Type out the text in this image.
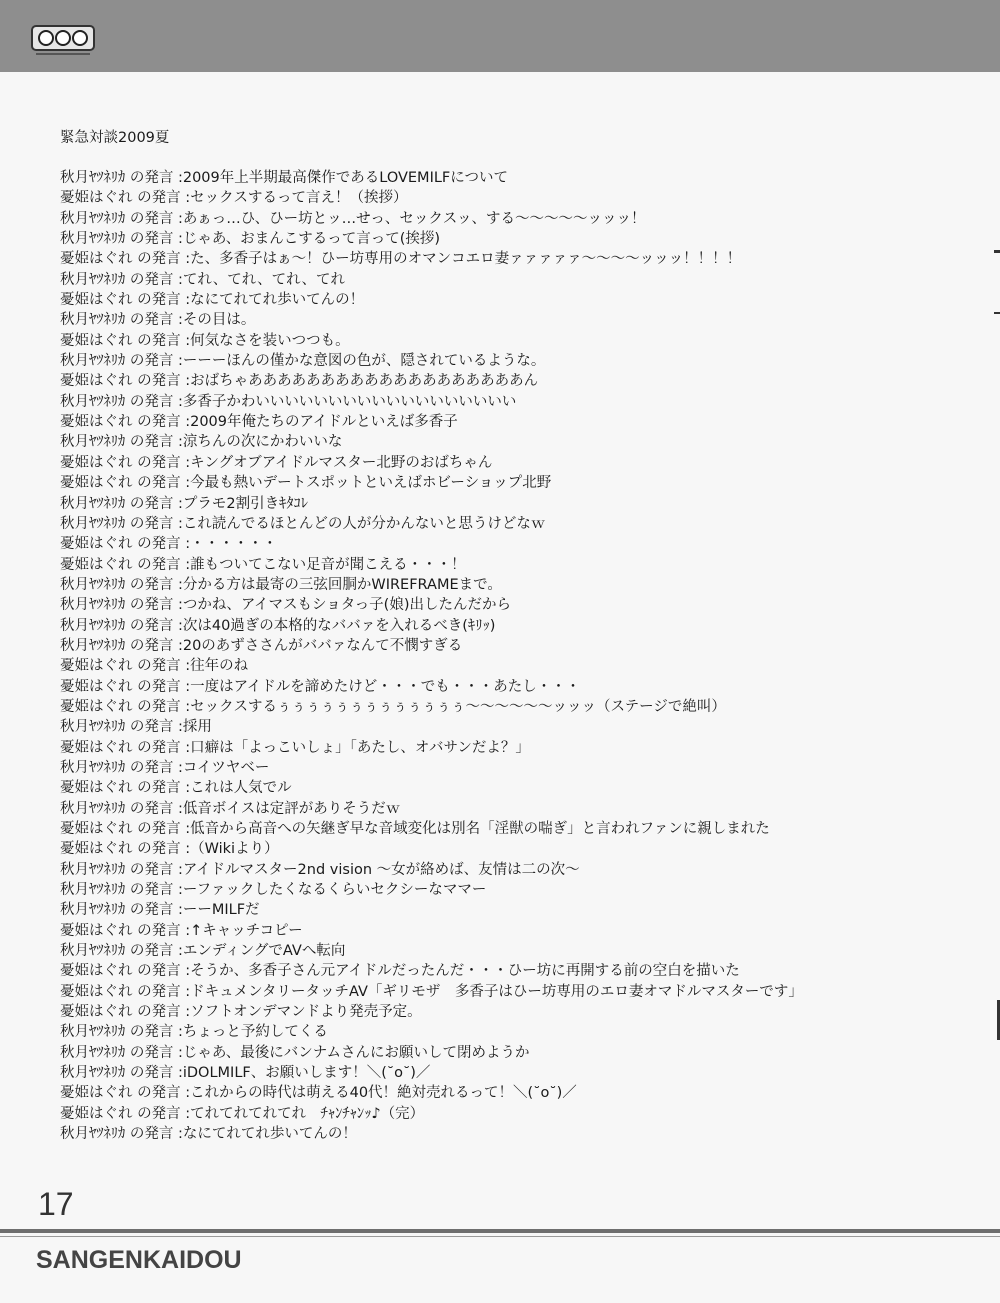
緊急対談2009夏
秋月ﾔﾂﾈﾘｶ の発言 :2009年上半期最高傑作であるLOVEMILFについて
憂姫はぐれ の発言 :セックスするって言え！（挨拶）
秋月ﾔﾂﾈﾘｶ の発言 :あぁっ…ひ、ひー坊とッ…せっ、セックスッ、する〜〜〜〜〜ッッッ！
秋月ﾔﾂﾈﾘｶ の発言 :じゃあ、おまんこするって言って(挨拶)
憂姫はぐれ の発言 :た、多香子はぁ〜！ひー坊専用のオマンコエロ妻ァァァァァ〜〜〜〜ッッッ！！！！
秋月ﾔﾂﾈﾘｶ の発言 :てれ、てれ、てれ、てれ
憂姫はぐれ の発言 :なにてれてれ歩いてんの！
秋月ﾔﾂﾈﾘｶ の発言 :その目は。
憂姫はぐれ の発言 :何気なさを装いつつも。
秋月ﾔﾂﾈﾘｶ の発言 :ーーーほんの僅かな意図の色が、隠されているような。
憂姫はぐれ の発言 :おばちゃあああああああああああああああああああん
秋月ﾔﾂﾈﾘｶ の発言 :多香子かわいいいいいいいいいいいいいいいいいい
憂姫はぐれ の発言 :2009年俺たちのアイドルといえば多香子
秋月ﾔﾂﾈﾘｶ の発言 :涼ちんの次にかわいいな
憂姫はぐれ の発言 :キングオブアイドルマスター北野のおばちゃん
憂姫はぐれ の発言 :今最も熱いデートスポットといえばホビーショップ北野
秋月ﾔﾂﾈﾘｶ の発言 :プラモ2割引きｷﾀｺﾚ
秋月ﾔﾂﾈﾘｶ の発言 :これ読んでるほとんどの人が分かんないと思うけどなｗ
憂姫はぐれ の発言 :・・・・・・
憂姫はぐれ の発言 :誰もついてこない足音が聞こえる・・・！
秋月ﾔﾂﾈﾘｶ の発言 :分かる方は最寄の三弦回胴かWIREFRAMEまで。
秋月ﾔﾂﾈﾘｶ の発言 :つかね、アイマスもショタっ子(娘)出したんだから
秋月ﾔﾂﾈﾘｶ の発言 :次は40過ぎの本格的なババァを入れるべき(ｷﾘｯ)
秋月ﾔﾂﾈﾘｶ の発言 :20のあずささんがババァなんて不憫すぎる
憂姫はぐれ の発言 :往年のね
憂姫はぐれ の発言 :一度はアイドルを諦めたけど・・・でも・・・あたし・・・
憂姫はぐれ の発言 :セックスするぅぅぅぅぅぅぅぅぅぅぅぅぅ〜〜〜〜〜〜ッッッ（ステージで絶叫）
秋月ﾔﾂﾈﾘｶ の発言 :採用
憂姫はぐれ の発言 :口癖は「よっこいしょ」「あたし、オバサンだよ？」
秋月ﾔﾂﾈﾘｶ の発言 :コイツヤベー
憂姫はぐれ の発言 :これは人気でル
秋月ﾔﾂﾈﾘｶ の発言 :低音ボイスは定評がありそうだｗ
憂姫はぐれ の発言 :低音から高音への矢継ぎ早な音域変化は別名「淫獣の喘ぎ」と言われファンに親しまれた
憂姫はぐれ の発言 :（Wikiより）
秋月ﾔﾂﾈﾘｶ の発言 :アイドルマスター2nd vision 〜女が絡めば、友情は二の次〜
秋月ﾔﾂﾈﾘｶ の発言 :ーファックしたくなるくらいセクシーなママー
秋月ﾔﾂﾈﾘｶ の発言 :ーーMILFだ
憂姫はぐれ の発言 :↑キャッチコピー
秋月ﾔﾂﾈﾘｶ の発言 :エンディングでAVへ転向
憂姫はぐれ の発言 :そうか、多香子さん元アイドルだったんだ・・・ひー坊に再開する前の空白を描いた
憂姫はぐれ の発言 :ドキュメンタリータッチAV「ギリモザ　多香子はひー坊専用のエロ妻オマドルマスターです」
憂姫はぐれ の発言 :ソフトオンデマンドより発売予定。
秋月ﾔﾂﾈﾘｶ の発言 :ちょっと予約してくる
秋月ﾔﾂﾈﾘｶ の発言 :じゃあ、最後にバンナムさんにお願いして閉めようか
秋月ﾔﾂﾈﾘｶ の発言 :iDOLMILF、お願いします！＼(˘o˘)／
憂姫はぐれ の発言 :これからの時代は萌える40代！絶対売れるって！＼(˘o˘)／
憂姫はぐれ の発言 :てれてれてれてれ　ﾁｬﾝﾁｬﾝｯ♪（完）
秋月ﾔﾂﾈﾘｶ の発言 :なにてれてれ歩いてんの！
17
SANGENKAIDOU
